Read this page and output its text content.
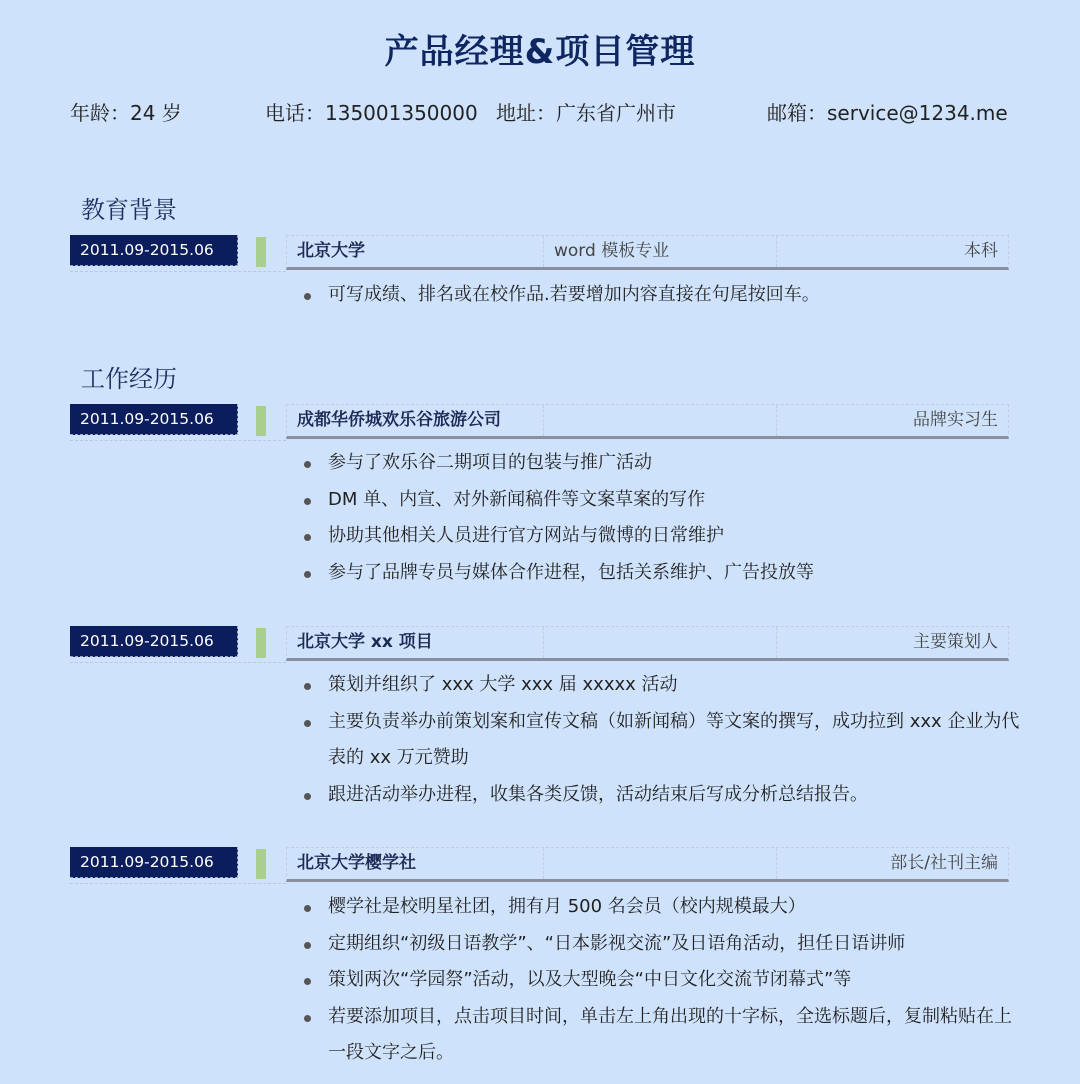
产品经理&项目管理
年龄：24 岁	电话：135001350000 地址：广东省广州市	邮箱：service@1234.me
教育背景
2011.09-2015.06	北京大学	word 模板专业	本科
可写成绩、排名或在校作品.若要增加内容直接在句尾按回车。
工作经历
2011.09-2015.06	成都华侨城欢乐谷旅游公司	品牌实习生
参与了欢乐谷二期项目的包装与推广活动
DM 单、内宣、对外新闻稿件等文案草案的写作
协助其他相关人员进行官方网站与微博的日常维护
参与了品牌专员与媒体合作进程，包括关系维护、广告投放等
2011.09-2015.06	北京大学 xx 项目	主要策划人
策划并组织了 xxx 大学 xxx 届 xxxxx 活动
主要负责举办前策划案和宣传文稿（如新闻稿）等文案的撰写，成功拉到 xxx 企业为代表的 xx 万元赞助
跟进活动举办进程，收集各类反馈，活动结束后写成分析总结报告。
2011.09-2015.06	北京大学樱学社	部长/社刊主编
樱学社是校明星社团，拥有月 500 名会员（校内规模最大）
定期组织“初级日语教学”、“日本影视交流”及日语角活动，担任日语讲师
策划两次“学园祭”活动，以及大型晚会“中日文化交流节闭幕式”等
若要添加项目，点击项目时间，单击左上角出现的十字标，全选标题后，复制粘贴在上一段文字之后。
